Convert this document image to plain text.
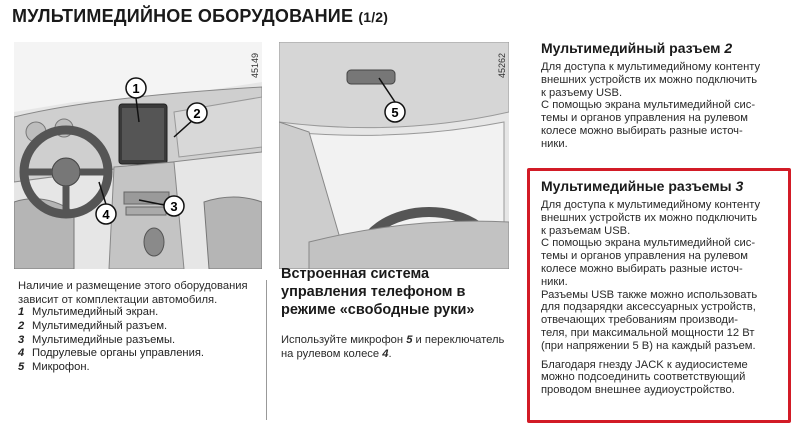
МУЛЬТИМЕДИЙНОЕ ОБОРУДОВАНИЕ (1/2)
1
2
3
4
45149
5
45262
Наличие и размещение этого оборудования зависит от комплектации автомобиля.
1 Мультимедийный экран.
2 Мультимедийный разъем.
3 Мультимедийные разъемы.
4 Подрулевые органы управления.
5 Микрофон.
Встроенная система управления телефоном в режиме «свободные руки»
Используйте микрофон 5 и переключатель на рулевом колесе 4.
Мультимедийный разъем 2

Для доступа к мультимедийному контенту

внешних устройств их можно подключить

к разъему USB.

С помощью экрана мультимедийной сис-

темы и органов управления на рулевом

колесе можно выбирать разные источ-

ники.

Мультимедийные разъемы 3

Для доступа к мультимедийному контенту

внешних устройств их можно подключить

к разъемам USB.

С помощью экрана мультимедийной сис-

темы и органов управления на рулевом

колесе можно выбирать разные источ-

ники.

Разъемы USB также можно использовать

для подзарядки аксессуарных устройств,

отвечающих требованиям производи-

теля, при максимальной мощности 12 Вт

(при напряжении 5 В) на каждый разъем.

Благодаря гнезду JACK к аудиосистеме

можно подсоединить соответствующий

проводом внешнее аудиоустройство.
